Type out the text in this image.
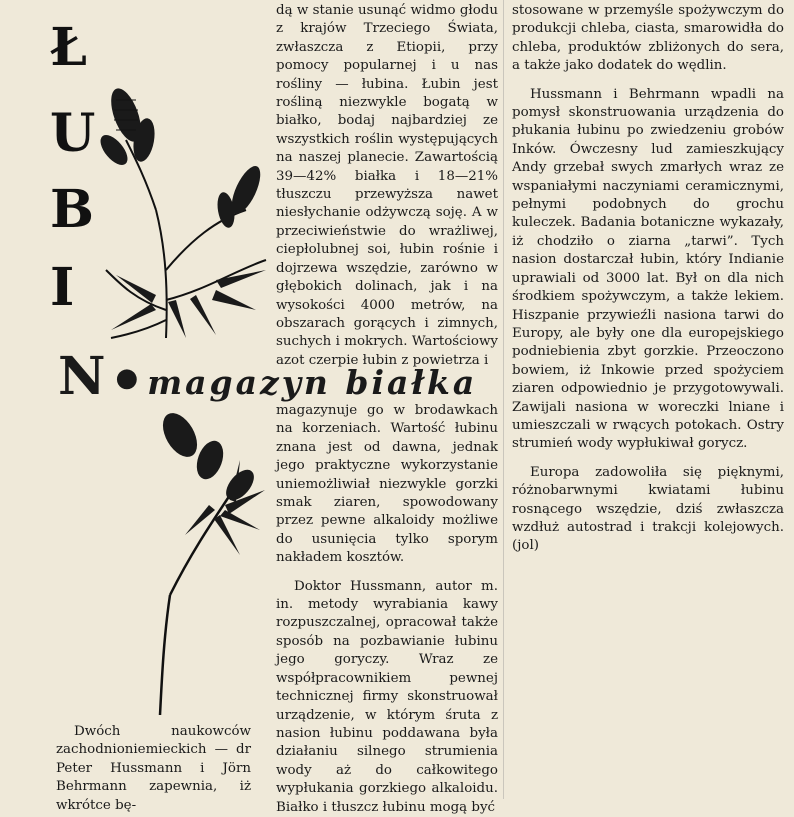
Ł
U
B
I
N ● magazyn białka

dą w stanie usunąć widmo głodu z krajów Trzeciego Świata, zwłaszcza z Etiopii, przy pomocy popularnej i u nas rośliny — łubina. Łubin jest rośliną niezwykle bogatą w białko, bodaj najbardziej ze wszystkich roślin występujących na naszej planecie. Zawartością 39—42% białka i 18—21% tłuszczu przewyższa nawet niesłychanie odżywczą soję. A w przeciwieństwie do wrażliwej, ciepłolubnej soi, łubin rośnie i dojrzewa wszędzie, zarówno w głębokich dolinach, jak i na wysokości 4000 metrów, na obszarach gorących i zimnych, suchych i mokrych. Wartościowy azot czerpie łubin z powietrza i

magazynuje go w brodawkach na korzeniach. Wartość łubinu znana jest od dawna, jednak jego praktyczne wykorzystanie uniemożliwiał niezwykle gorzki smak ziaren, spowodowany przez pewne alkaloidy możliwe do usunięcia tylko sporym nakładem kosztów.

Doktor Hussmann, autor m. in. metody wyrabiania kawy rozpuszczalnej, opracował także sposób na pozbawianie łubinu jego goryczy. Wraz ze współpracownikiem pewnej technicznej firmy skonstruował urządzenie, w którym śruta z nasion łubinu poddawana była działaniu silnego strumienia wody aż do całkowitego wypłukania gorzkiego alkaloidu. Białko i tłuszcz łubinu mogą być

Dwóch naukowców zachodnioniemieckich — dr Peter Hussmann i Jörn Behrmann zapewnia, iż wkrótce bę-

stosowane w przemyśle spożywczym do produkcji chleba, ciasta, smarowidła do chleba, produktów zbliżonych do sera, a także jako dodatek do wędlin.

Hussmann i Behrmann wpadli na pomysł skonstruowania urządzenia do płukania łubinu po zwiedzeniu grobów Inków. Ówczesny lud zamieszkujący Andy grzebał swych zmarłych wraz ze wspaniałymi naczyniami ceramicznymi, pełnymi podobnych do grochu kuleczek. Badania botaniczne wykazały, iż chodziło o ziarna „tarwi”. Tych nasion dostarczał łubin, który Indianie uprawiali od 3000 lat. Był on dla nich środkiem spożywczym, a także lekiem. Hiszpanie przywieźli nasiona tarwi do Europy, ale były one dla europejskiego podniebienia zbyt gorzkie. Przeoczono bowiem, iż Inkowie przed spożyciem ziaren odpowiednio je przygotowywali. Zawijali nasiona w woreczki lniane i umieszczali w rwących potokach. Ostry strumień wody wypłukiwał gorycz.

Europa zadowoliła się pięknymi, różnobarwnymi kwiatami łubinu rosnącego wszędzie, dziś zwłaszcza wzdłuż autostrad i trakcji kolejowych. (jol)
